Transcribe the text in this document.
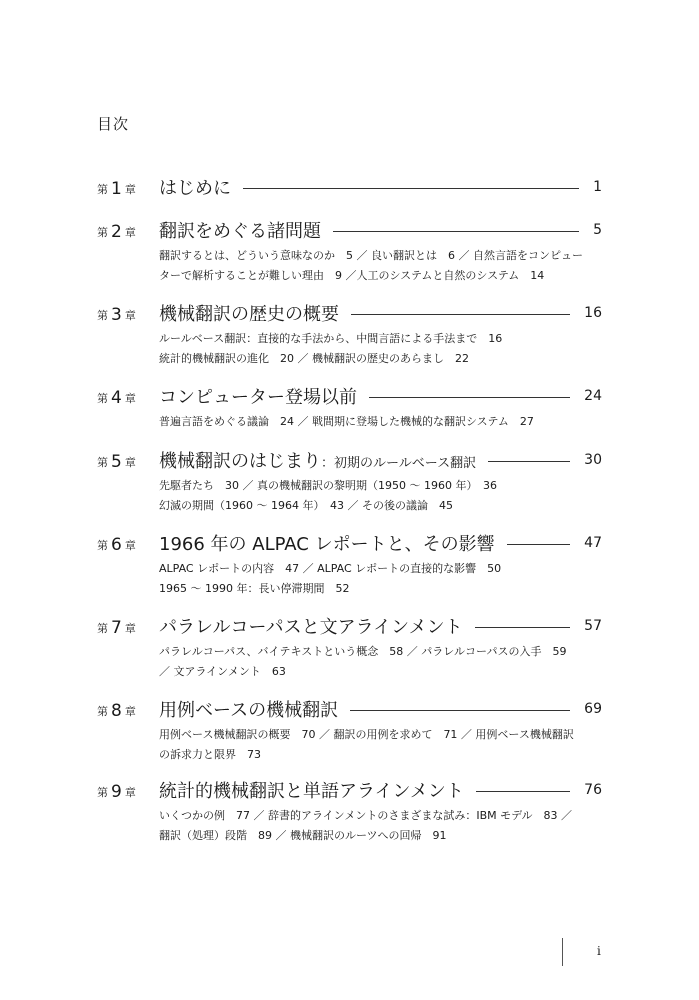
目次
第 1 章 はじめに	1
第 2 章 翻訳をめぐる諸問題	5
翻訳するとは、どういう意味なのか　5 ／ 良い翻訳とは　6 ／ 自然言語をコンピュー
ターで解析することが難しい理由　9 ／人工のシステムと自然のシステム　14
第 3 章 機械翻訳の歴史の概要	16
ルールベース翻訳：直接的な手法から、中間言語による手法まで　16
統計的機械翻訳の進化　20 ／ 機械翻訳の歴史のあらまし　22
第 4 章 コンピューター登場以前	24
普遍言語をめぐる議論　24 ／ 戦間期に登場した機械的な翻訳システム　27
第 5 章 機械翻訳のはじまり：初期のルールベース翻訳	30
先駆者たち　30 ／ 真の機械翻訳の黎明期（1950 ～ 1960 年）　36
幻滅の期間（1960 ～ 1964 年）　43 ／ その後の議論　45
第 6 章 1966 年の ALPAC レポートと、その影響	47
ALPAC レポートの内容　47 ／ ALPAC レポートの直接的な影響　50
1965 ～ 1990 年：長い停滞期間　52
第 7 章 パラレルコーパスと文アラインメント	57
パラレルコーパス、バイテキストという概念　58 ／ パラレルコーパスの入手　59
／ 文アラインメント　63
第 8 章 用例ベースの機械翻訳	69
用例ベース機械翻訳の概要　70 ／ 翻訳の用例を求めて　71 ／ 用例ベース機械翻訳
の訴求力と限界　73
第 9 章 統計的機械翻訳と単語アラインメント	76
いくつかの例　77 ／ 辞書的アラインメントのさまざまな試み：IBM モデル　83 ／
翻訳（処理）段階　89 ／ 機械翻訳のルーツへの回帰　91
i
